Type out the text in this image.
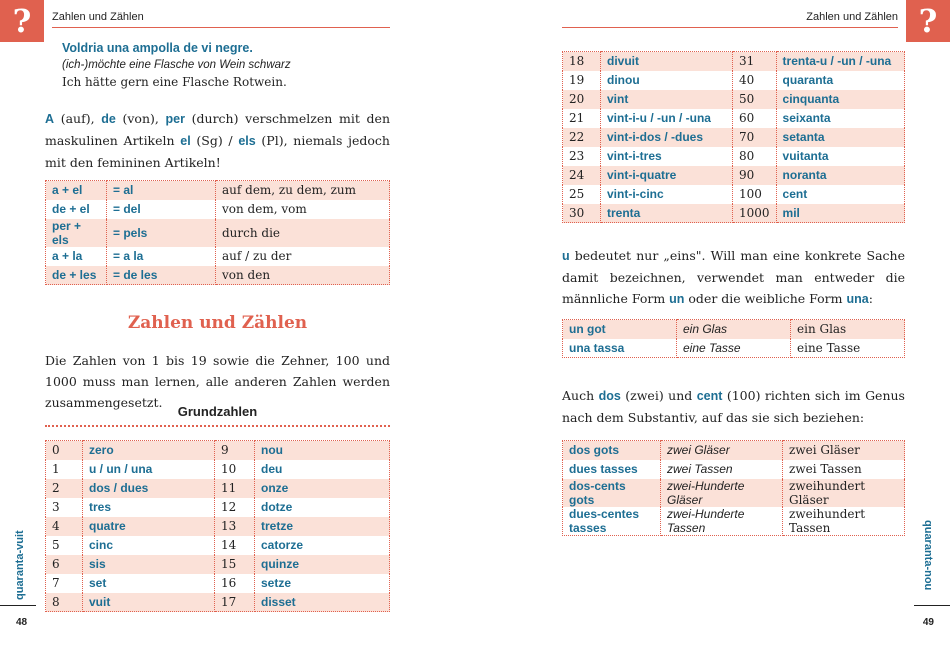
?	?
Zahlen und Zählen	Zahlen und Zählen
quaranta-vuit	quaranta-nou
48	49
Voldria una ampolla de vi negre.
(ich-)möchte eine Flasche von Wein schwarz
Ich hätte gern eine Flasche Rotwein.
A (auf), de (von), per (durch) verschmelzen mit den maskulinen Artikeln el (Sg) / els (Pl), niemals jedoch mit den femininen Artikeln!
a + el	= al	auf dem, zu dem, zum
de + el	= del	von dem, vom
per + els	= pels	durch die
a + la	= a la	auf / zu der
de + les	= de les	von den
Zahlen und Zählen
Die Zahlen von 1 bis 19 sowie die Zehner, 100 und 1000 muss man lernen, alle anderen Zahlen werden zusammengesetzt.
Grundzahlen
0	zero	9	nou
1	u / un / una	10	deu
2	dos / dues	11	onze
3	tres	12	dotze
4	quatre	13	tretze
5	cinc	14	catorze
6	sis	15	quinze
7	set	16	setze
8	vuit	17	disset
18	divuit	31	trenta-u / -un / -una
19	dinou	40	quaranta
20	vint	50	cinquanta
21	vint-i-u / -un / -una	60	seixanta
22	vint-i-dos / -dues	70	setanta
23	vint-i-tres	80	vuitanta
24	vint-i-quatre	90	noranta
25	vint-i-cinc	100	cent
30	trenta	1000	mil
u bedeutet nur „eins". Will man eine konkrete Sache damit bezeichnen, verwendet man entweder die männliche Form un oder die weibliche Form una:
un got	ein Glas	ein Glas
una tassa	eine Tasse	eine Tasse
Auch dos (zwei) und cent (100) richten sich im Genus nach dem Substantiv, auf das sie sich beziehen:
dos gots	zwei Gläser	zwei Gläser
dues tasses	zwei Tassen	zwei Tassen
dos-cents gots	zwei-Hunderte Gläser	zweihundert Gläser
dues-centes tasses	zwei-Hunderte Tassen	zweihundert Tassen
